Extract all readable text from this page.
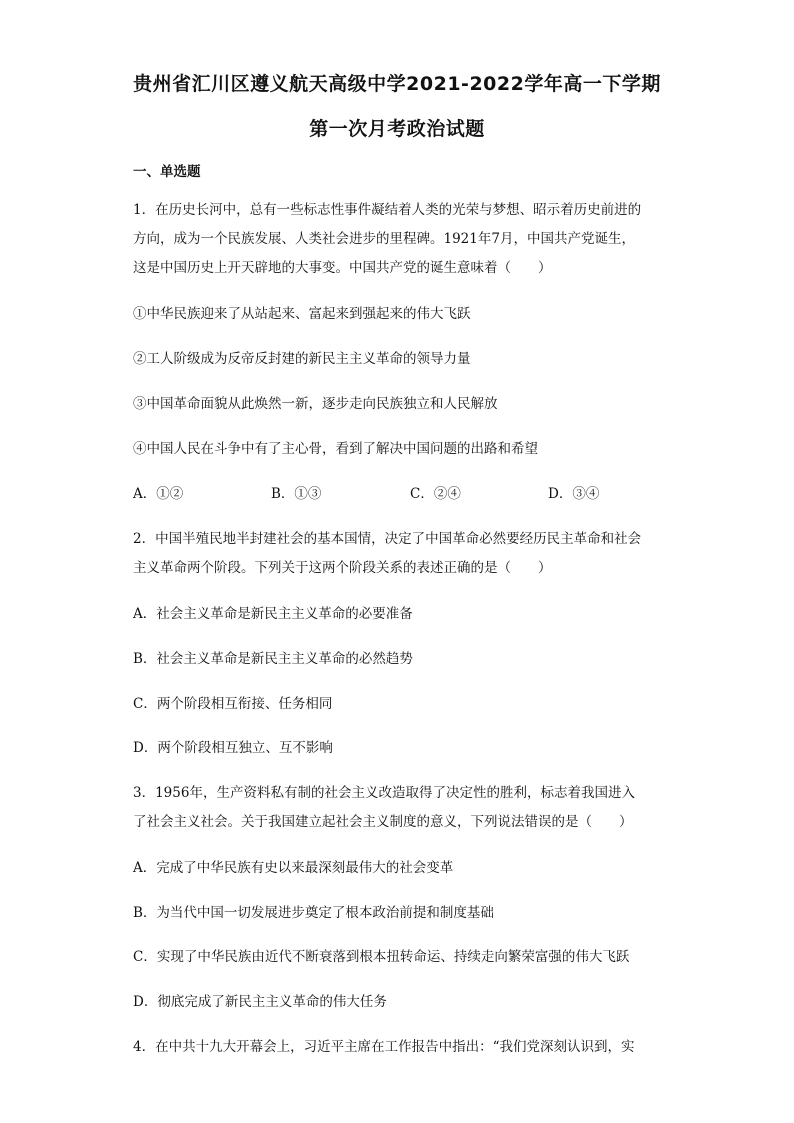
贵州省汇川区遵义航天高级中学2021-2022学年高一下学期
第一次月考政治试题
一、单选题
1．在历史长河中，总有一些标志性事件凝结着人类的光荣与梦想、昭示着历史前进的
方向，成为一个民族发展、人类社会进步的里程碑。1921年7月，中国共产党诞生，
这是中国历史上开天辟地的大事变。中国共产党的诞生意味着（　　）
①中华民族迎来了从站起来、富起来到强起来的伟大飞跃
②工人阶级成为反帝反封建的新民主主义革命的领导力量
③中国革命面貌从此焕然一新，逐步走向民族独立和人民解放
④中国人民在斗争中有了主心骨，看到了解决中国问题的出路和希望
A．①②	B．①③	C．②④	D．③④
2．中国半殖民地半封建社会的基本国情，决定了中国革命必然要经历民主革命和社会
主义革命两个阶段。下列关于这两个阶段关系的表述正确的是（　　）
A．社会主义革命是新民主主义革命的必要准备
B．社会主义革命是新民主主义革命的必然趋势
C．两个阶段相互衔接、任务相同
D．两个阶段相互独立、互不影响
3．1956年，生产资料私有制的社会主义改造取得了决定性的胜利，标志着我国进入
了社会主义社会。关于我国建立起社会主义制度的意义，下列说法错误的是（　　）
A．完成了中华民族有史以来最深刻最伟大的社会变革
B．为当代中国一切发展进步奠定了根本政治前提和制度基础
C．实现了中华民族由近代不断衰落到根本扭转命运、持续走向繁荣富强的伟大飞跃
D．彻底完成了新民主主义革命的伟大任务
4．在中共十九大开幕会上，习近平主席在工作报告中指出：“我们党深刻认识到，实
